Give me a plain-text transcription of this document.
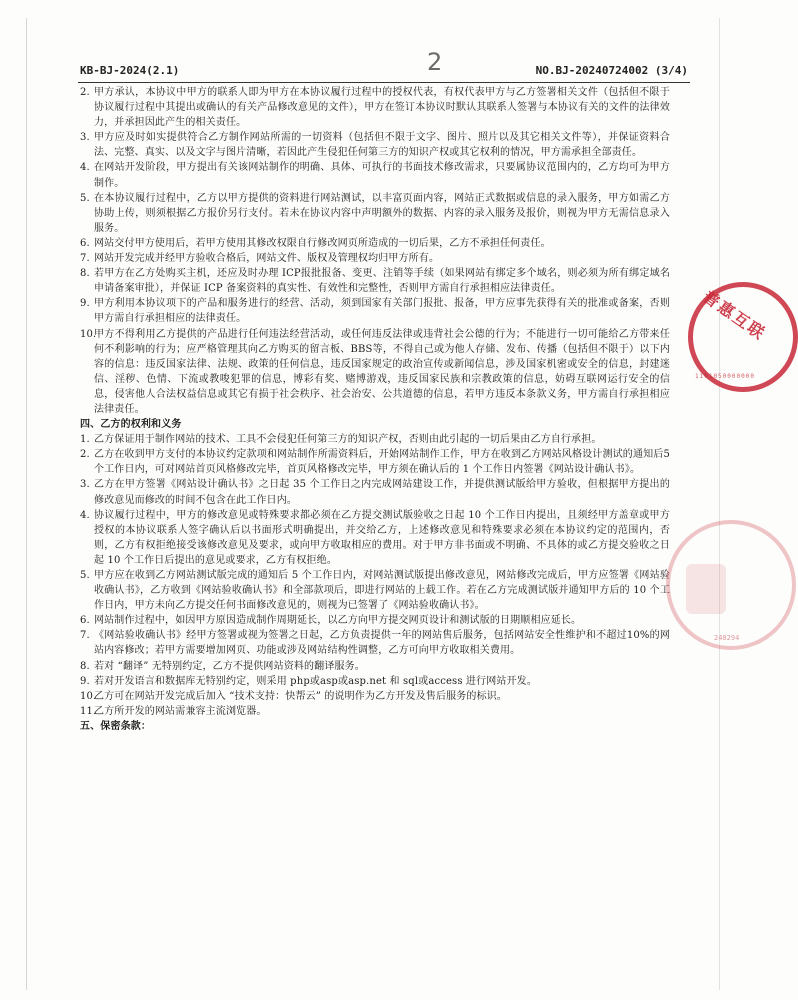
KB-BJ-2024(2.1)	2	NO.BJ-20240724002 (3/4)
2. 甲方承认，本协议中甲方的联系人即为甲方在本协议履行过程中的授权代表，有权代表甲方与乙方签署相关文件（包括但不限于协议履行过程中其提出或确认的有关产品修改意见的文件），甲方在签订本协议时默认其联系人签署与本协议有关的文件的法律效力，并承担因此产生的相关责任。
3. 甲方应及时如实提供符合乙方制作网站所需的一切资料（包括但不限于文字、图片、照片以及其它相关文件等），并保证资料合法、完整、真实、以及文字与图片清晰，若因此产生侵犯任何第三方的知识产权或其它权利的情况，甲方需承担全部责任。
4. 在网站开发阶段，甲方提出有关该网站制作的明确、具体、可执行的书面技术修改需求，只要属协议范围内的，乙方均可为甲方制作。
5. 在本协议履行过程中，乙方以甲方提供的资料进行网站测试，以丰富页面内容，网站正式数据或信息的录入服务，甲方如需乙方协助上传，则须根据乙方报价另行支付。若未在协议内容中声明额外的数据、内容的录入服务及报价，则视为甲方无需信息录入服务。
6. 网站交付甲方使用后，若甲方使用其修改权限自行修改网页所造成的一切后果，乙方不承担任何责任。
7. 网站开发完成并经甲方验收合格后，网站文件、版权及管理权均归甲方所有。
8. 若甲方在乙方处购买主机，还应及时办理 ICP报批报备、变更、注销等手续（如果网站有绑定多个域名，则必须为所有绑定域名申请备案审批），并保证 ICP 备案资料的真实性、有效性和完整性，否则甲方需自行承担相应法律责任。
9. 甲方利用本协议项下的产品和服务进行的经营、活动，须到国家有关部门报批、报备，甲方应事先获得有关的批准或备案，否则甲方需自行承担相应的法律责任。
10.
甲方不得利用乙方提供的产品进行任何违法经营活动，或任何违反法律或违背社会公德的行为；不能进行一切可能给乙方带来任何不利影响的行为；应严格管理其向乙方购买的留言板、BBS等，不得自己或为他人存储、发布、传播（包括但不限于）以下内容的信息：违反国家法律、法规、政策的任何信息，违反国家规定的政治宣传或新闻信息，涉及国家机密或安全的信息，封建迷信、淫秽、色情、下流或教唆犯罪的信息，博彩有奖、赌博游戏，违反国家民族和宗教政策的信息，妨碍互联网运行安全的信息，侵害他人合法权益信息或其它有损于社会秩序、社会治安、公共道德的信息，若甲方违反本条款义务，甲方需自行承担相应法律责任。
四、乙方的权利和义务
1. 乙方保证用于制作网站的技术、工具不会侵犯任何第三方的知识产权，否则由此引起的一切后果由乙方自行承担。
2. 乙方在收到甲方支付的本协议约定款项和网站制作所需资料后，开始网站制作工作，甲方在收到乙方网站风格设计测试的通知后5个工作日内，可对网站首页风格修改完毕，首页风格修改完毕，甲方须在确认后的 1 个工作日内签署《网站设计确认书》。
3. 乙方在甲方签署《网站设计确认书》之日起 35 个工作日之内完成网站建设工作，并提供测试版给甲方验收，但根据甲方提出的修改意见而修改的时间不包含在此工作日内。
4. 协议履行过程中，甲方的修改意见或特殊要求都必须在乙方提交测试版验收之日起 10 个工作日内提出，且须经甲方盖章或甲方授权的本协议联系人签字确认后以书面形式明确提出，并交给乙方，上述修改意见和特殊要求必须在本协议约定的范围内，否则，乙方有权拒绝接受该修改意见及要求，或向甲方收取相应的费用。对于甲方非书面或不明确、不具体的或乙方提交验收之日起 10 个工作日后提出的意见或要求，乙方有权拒绝。
5. 甲方应在收到乙方网站测试版完成的通知后 5 个工作日内，对网站测试版提出修改意见，网站修改完成后，甲方应签署《网站验收确认书》，乙方收到《网站验收确认书》和全部款项后，即进行网站的上载工作。若在乙方完成测试版并通知甲方后的 10 个工作日内，甲方未向乙方提交任何书面修改意见的，则视为已签署了《网站验收确认书》。
6. 网站制作过程中，如因甲方原因造成制作周期延长，以乙方向甲方提交网页设计和测试版的日期顺相应延长。
7. 《网站验收确认书》经甲方签署或视为签署之日起，乙方负责提供一年的网站售后服务，包括网站安全性维护和不超过10%的网站内容修改；若甲方需要增加网页、功能或涉及网站结构性调整，乙方可向甲方收取相关费用。
8. 若对 “翻译” 无特别约定，乙方不提供网站资料的翻译服务。
9. 若对开发语言和数据库无特别约定，则采用 php或asp或asp.net 和 sql或access 进行网站开发。
10.
乙方可在网站开发完成后加入 “技术支持：快帮云” 的说明作为乙方开发及售后服务的标识。
11.
乙方所开发的网站需兼容主流浏览器。
五、保密条款：
普惠互联
1101050000000
248294
